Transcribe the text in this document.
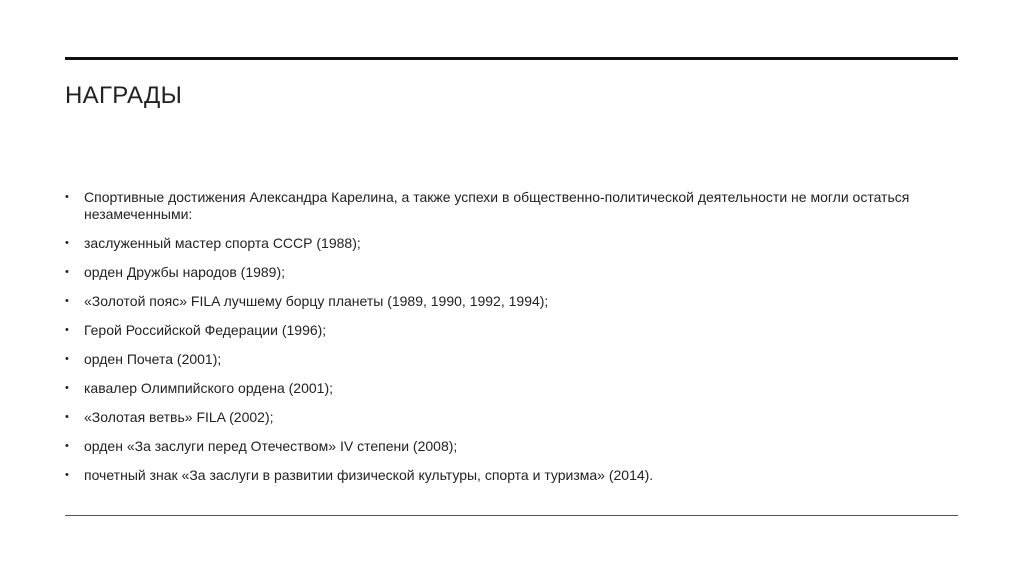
НАГРАДЫ
• Спортивные достижения Александра Карелина, а также успехи в общественно-политической деятельности не могли остаться незамеченными:
• заслуженный мастер спорта СССР (1988);
• орден Дружбы народов (1989);
• «Золотой пояс» FILA лучшему борцу планеты (1989, 1990, 1992, 1994);
• Герой Российской Федерации (1996);
• орден Почета (2001);
• кавалер Олимпийского ордена (2001);
• «Золотая ветвь» FILA (2002);
• орден «За заслуги перед Отечеством» IV степени (2008);
• почетный знак «За заслуги в развитии физической культуры, спорта и туризма» (2014).
